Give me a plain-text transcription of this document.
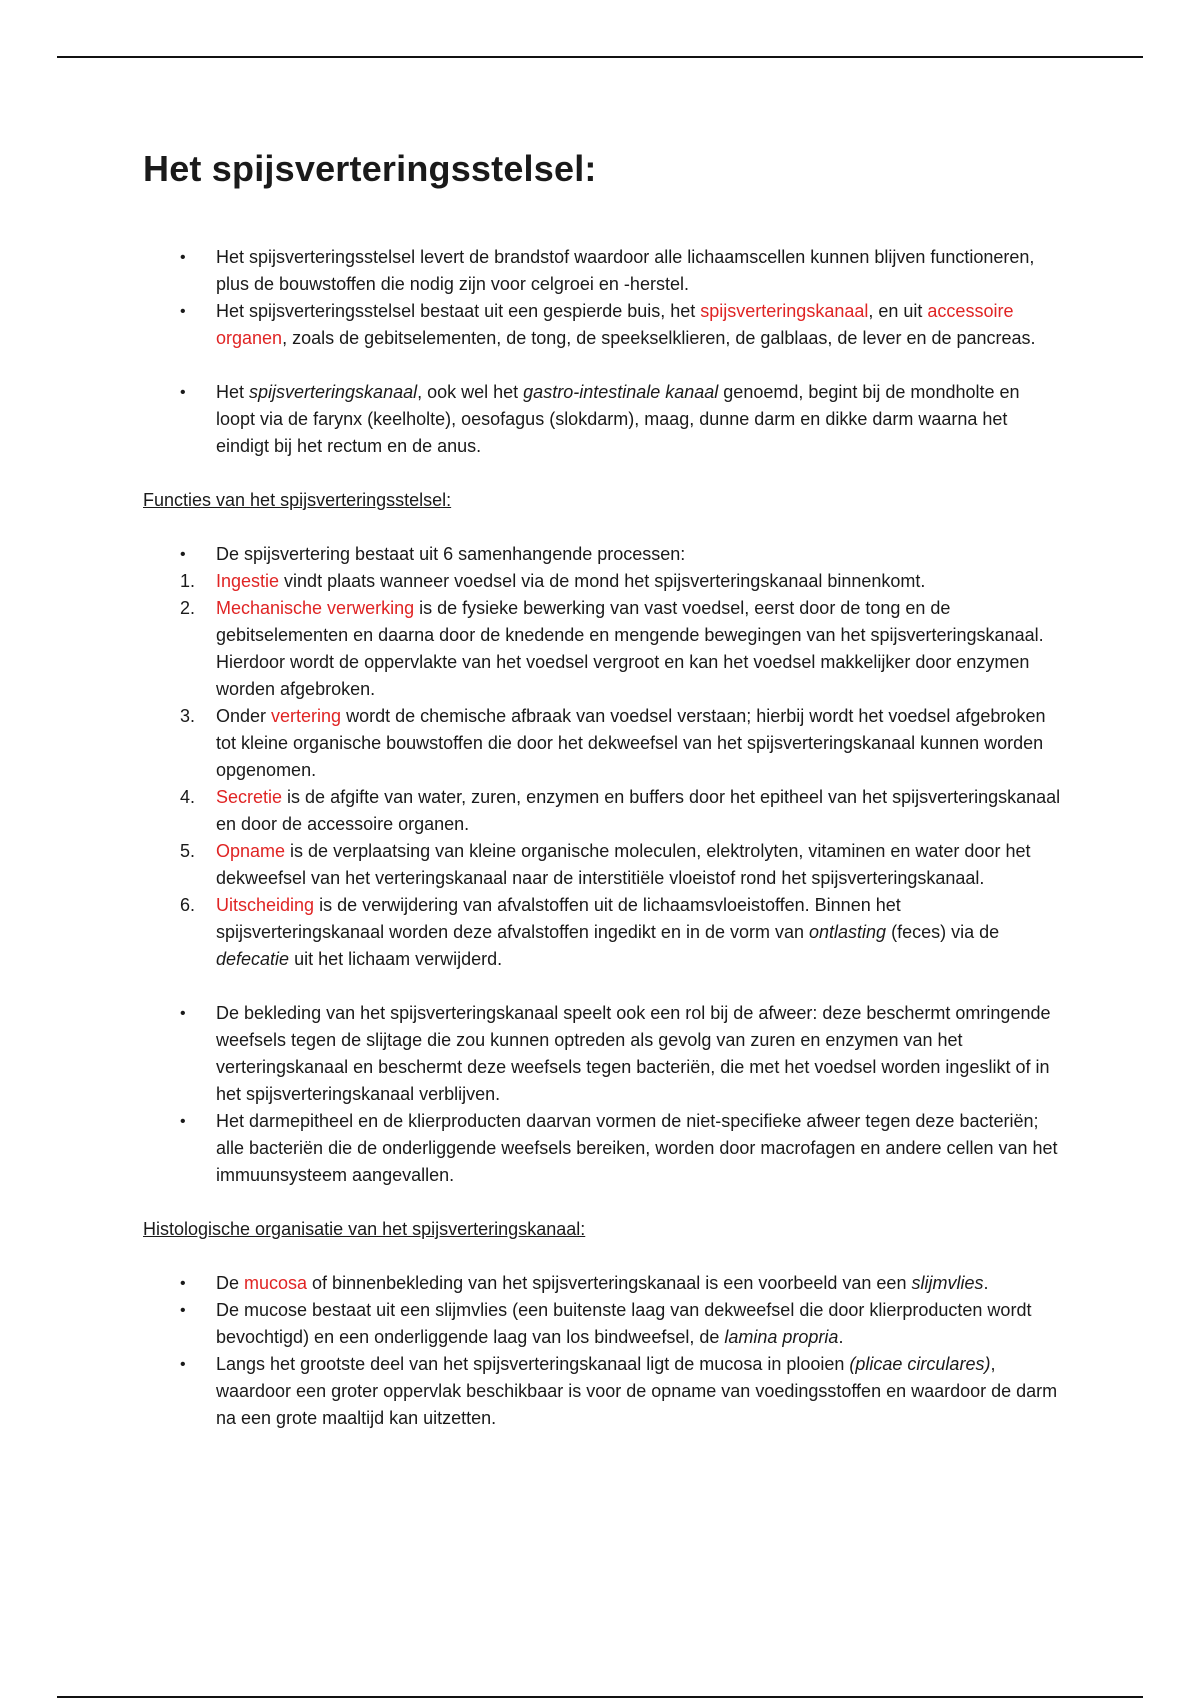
Het spijsverteringsstelsel:
•	Het spijsverteringsstelsel levert de brandstof waardoor alle lichaamscellen kunnen blijven functioneren, plus de bouwstoffen die nodig zijn voor celgroei en -herstel.
•	Het spijsverteringsstelsel bestaat uit een gespierde buis, het spijsverteringskanaal, en uit accessoire organen, zoals de gebitselementen, de tong, de speekselklieren, de galblaas, de lever en de pancreas.
•	Het spijsverteringskanaal, ook wel het gastro-intestinale kanaal genoemd, begint bij de mondholte en loopt via de farynx (keelholte), oesofagus (slokdarm), maag, dunne darm en dikke darm waarna het eindigt bij het rectum en de anus.
Functies van het spijsverteringsstelsel:
•	De spijsvertering bestaat uit 6 samenhangende processen:
1.	Ingestie vindt plaats wanneer voedsel via de mond het spijsverteringskanaal binnenkomt.
2.	Mechanische verwerking is de fysieke bewerking van vast voedsel, eerst door de tong en de gebitselementen en daarna door de knedende en mengende bewegingen van het spijsverteringskanaal. Hierdoor wordt de oppervlakte van het voedsel vergroot en kan het voedsel makkelijker door enzymen worden afgebroken.
3.	Onder vertering wordt de chemische afbraak van voedsel verstaan; hierbij wordt het voedsel afgebroken tot kleine organische bouwstoffen die door het dekweefsel van het spijsverteringskanaal kunnen worden opgenomen.
4.	Secretie is de afgifte van water, zuren, enzymen en buffers door het epitheel van het spijsverteringskanaal en door de accessoire organen.
5.	Opname is de verplaatsing van kleine organische moleculen, elektrolyten, vitaminen en water door het dekweefsel van het verteringskanaal naar de interstitiële vloeistof rond het spijsverteringskanaal.
6.	Uitscheiding is de verwijdering van afvalstoffen uit de lichaamsvloeistoffen. Binnen het spijsverteringskanaal worden deze afvalstoffen ingedikt en in de vorm van ontlasting (feces) via de defecatie uit het lichaam verwijderd.
•	De bekleding van het spijsverteringskanaal speelt ook een rol bij de afweer: deze beschermt omringende weefsels tegen de slijtage die zou kunnen optreden als gevolg van zuren en enzymen van het verteringskanaal en beschermt deze weefsels tegen bacteriën, die met het voedsel worden ingeslikt of in het spijsverteringskanaal verblijven.
•	Het darmepitheel en de klierproducten daarvan vormen de niet-specifieke afweer tegen deze bacteriën; alle bacteriën die de onderliggende weefsels bereiken, worden door macrofagen en andere cellen van het immuunsysteem aangevallen.
Histologische organisatie van het spijsverteringskanaal:
•	De mucosa of binnenbekleding van het spijsverteringskanaal is een voorbeeld van een slijmvlies.
•	De mucose bestaat uit een slijmvlies (een buitenste laag van dekweefsel die door klierproducten wordt bevochtigd) en een onderliggende laag van los bindweefsel, de lamina propria.
•	Langs het grootste deel van het spijsverteringskanaal ligt de mucosa in plooien (plicae circulares), waardoor een groter oppervlak beschikbaar is voor de opname van voedingsstoffen en waardoor de darm na een grote maaltijd kan uitzetten.
